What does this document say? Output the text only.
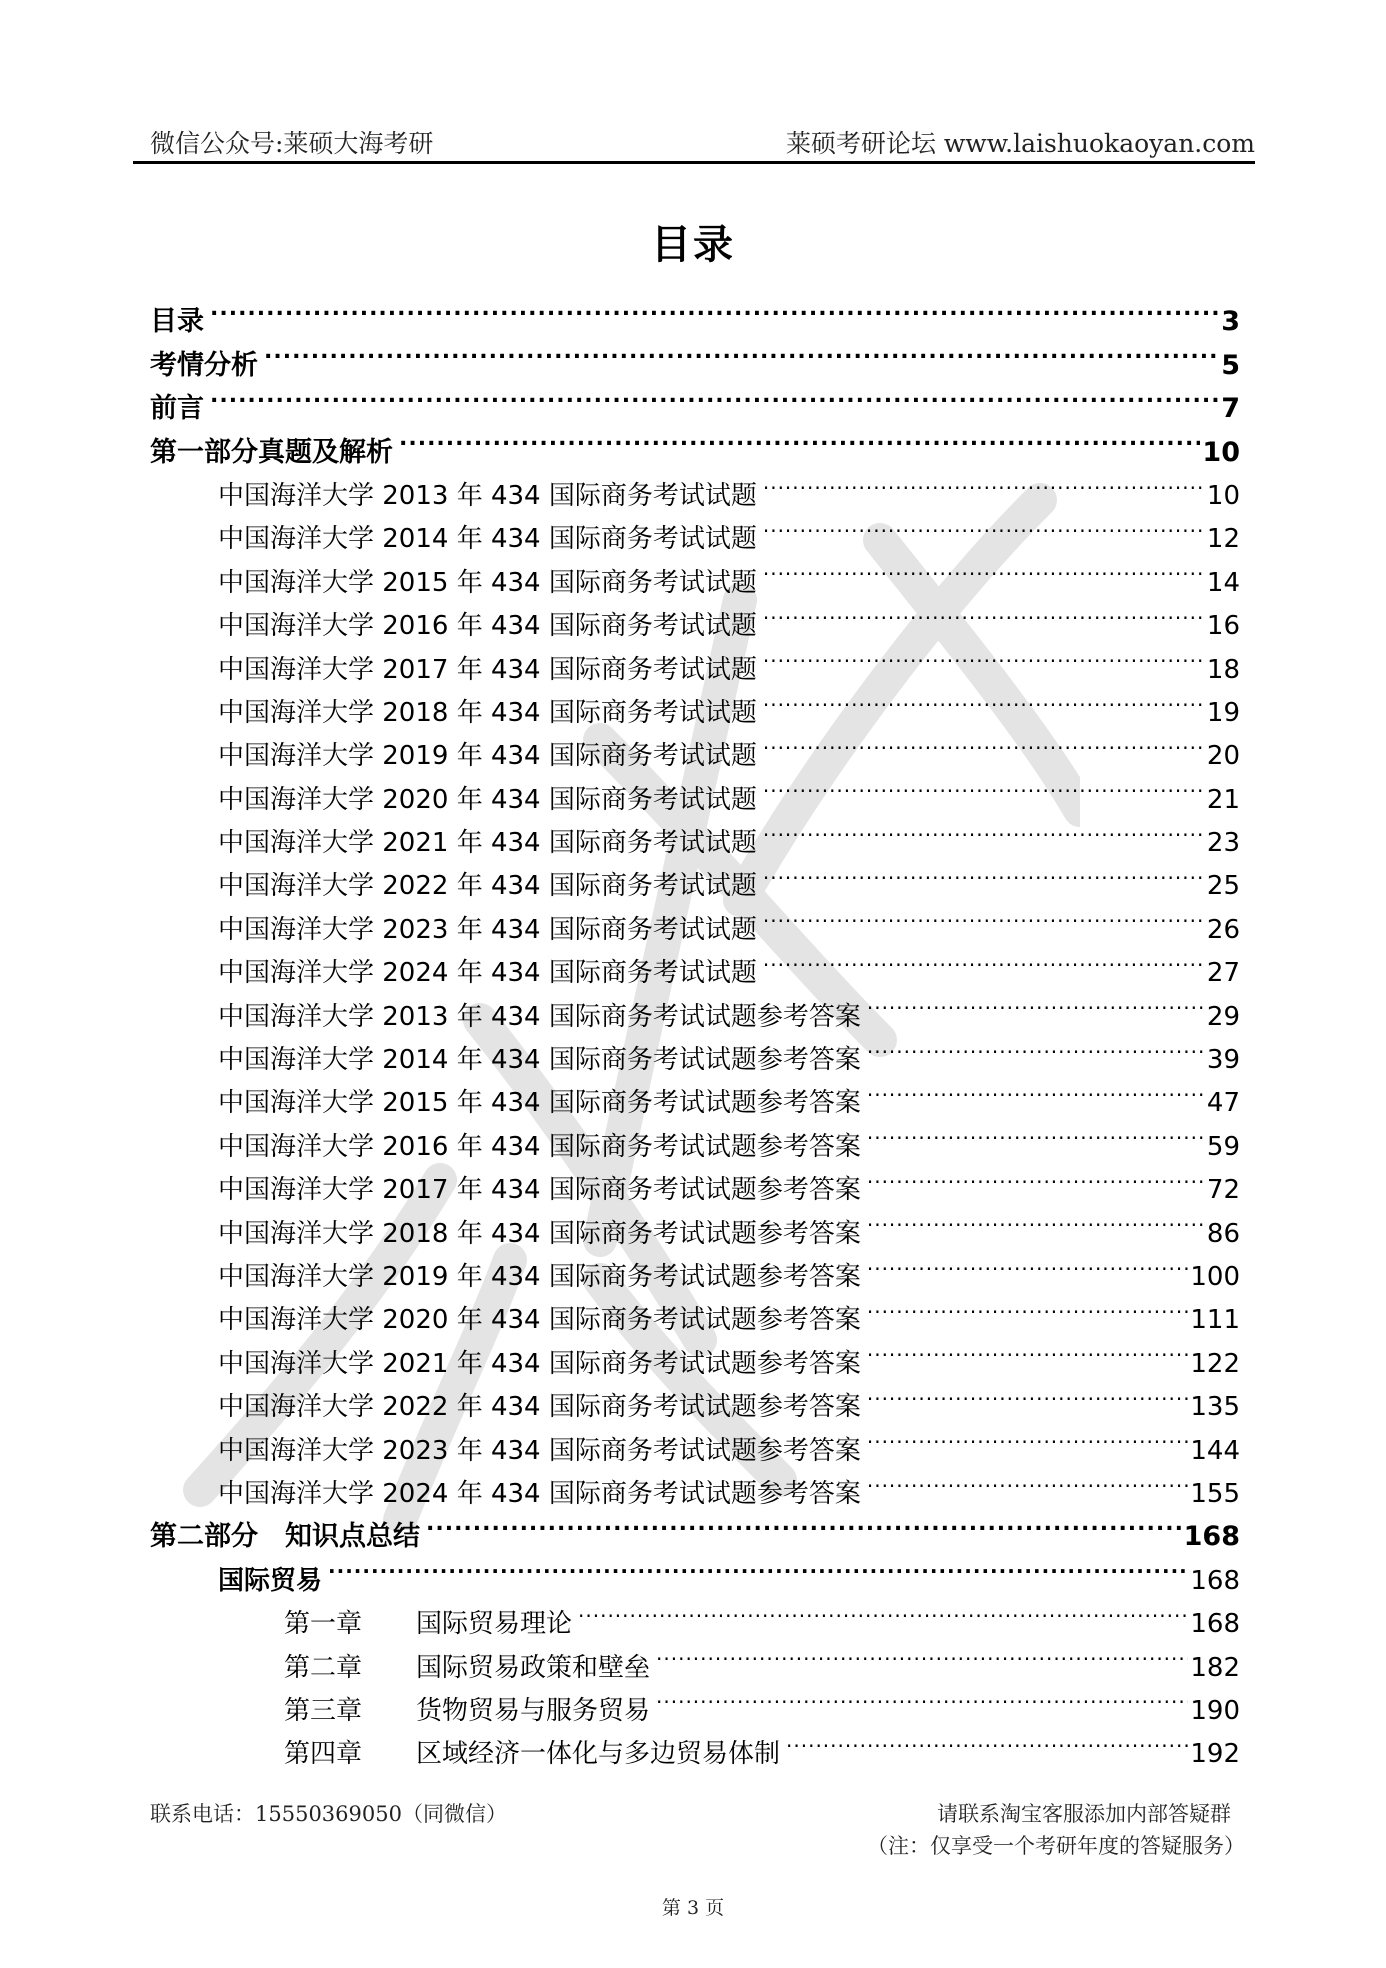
微信公众号:莱硕大海考研	莱硕考研论坛 www.laishuokaoyan.com
目录
目录 .....	3
考情分析 .....	5
前言 .....	7
第一部分真题及解析 .....	10
中国海洋大学 2013 年 434 国际商务考试试题 .....	10
中国海洋大学 2014 年 434 国际商务考试试题 .....	12
中国海洋大学 2015 年 434 国际商务考试试题 .....	14
中国海洋大学 2016 年 434 国际商务考试试题 .....	16
中国海洋大学 2017 年 434 国际商务考试试题 .....	18
中国海洋大学 2018 年 434 国际商务考试试题 .....	19
中国海洋大学 2019 年 434 国际商务考试试题 .....	20
中国海洋大学 2020 年 434 国际商务考试试题 .....	21
中国海洋大学 2021 年 434 国际商务考试试题 .....	23
中国海洋大学 2022 年 434 国际商务考试试题 .....	25
中国海洋大学 2023 年 434 国际商务考试试题 .....	26
中国海洋大学 2024 年 434 国际商务考试试题 .....	27
中国海洋大学 2013 年 434 国际商务考试试题参考答案 .....	29
中国海洋大学 2014 年 434 国际商务考试试题参考答案 .....	39
中国海洋大学 2015 年 434 国际商务考试试题参考答案 .....	47
中国海洋大学 2016 年 434 国际商务考试试题参考答案 .....	59
中国海洋大学 2017 年 434 国际商务考试试题参考答案 .....	72
中国海洋大学 2018 年 434 国际商务考试试题参考答案 .....	86
中国海洋大学 2019 年 434 国际商务考试试题参考答案 .....	100
中国海洋大学 2020 年 434 国际商务考试试题参考答案 .....	111
中国海洋大学 2021 年 434 国际商务考试试题参考答案 .....	122
中国海洋大学 2022 年 434 国际商务考试试题参考答案 .....	135
中国海洋大学 2023 年 434 国际商务考试试题参考答案 .....	144
中国海洋大学 2024 年 434 国际商务考试试题参考答案 .....	155
第二部分　知识点总结 .....	168
国际贸易 .....	168
第一章 国际贸易理论 .....	168
第二章 国际贸易政策和壁垒 .....	182
第三章 货物贸易与服务贸易 .....	190
第四章 区域经济一体化与多边贸易体制 .....	192
联系电话：15550369050（同微信）	请联系淘宝客服添加内部答疑群
（注：仅享受一个考研年度的答疑服务）
第 3 页
